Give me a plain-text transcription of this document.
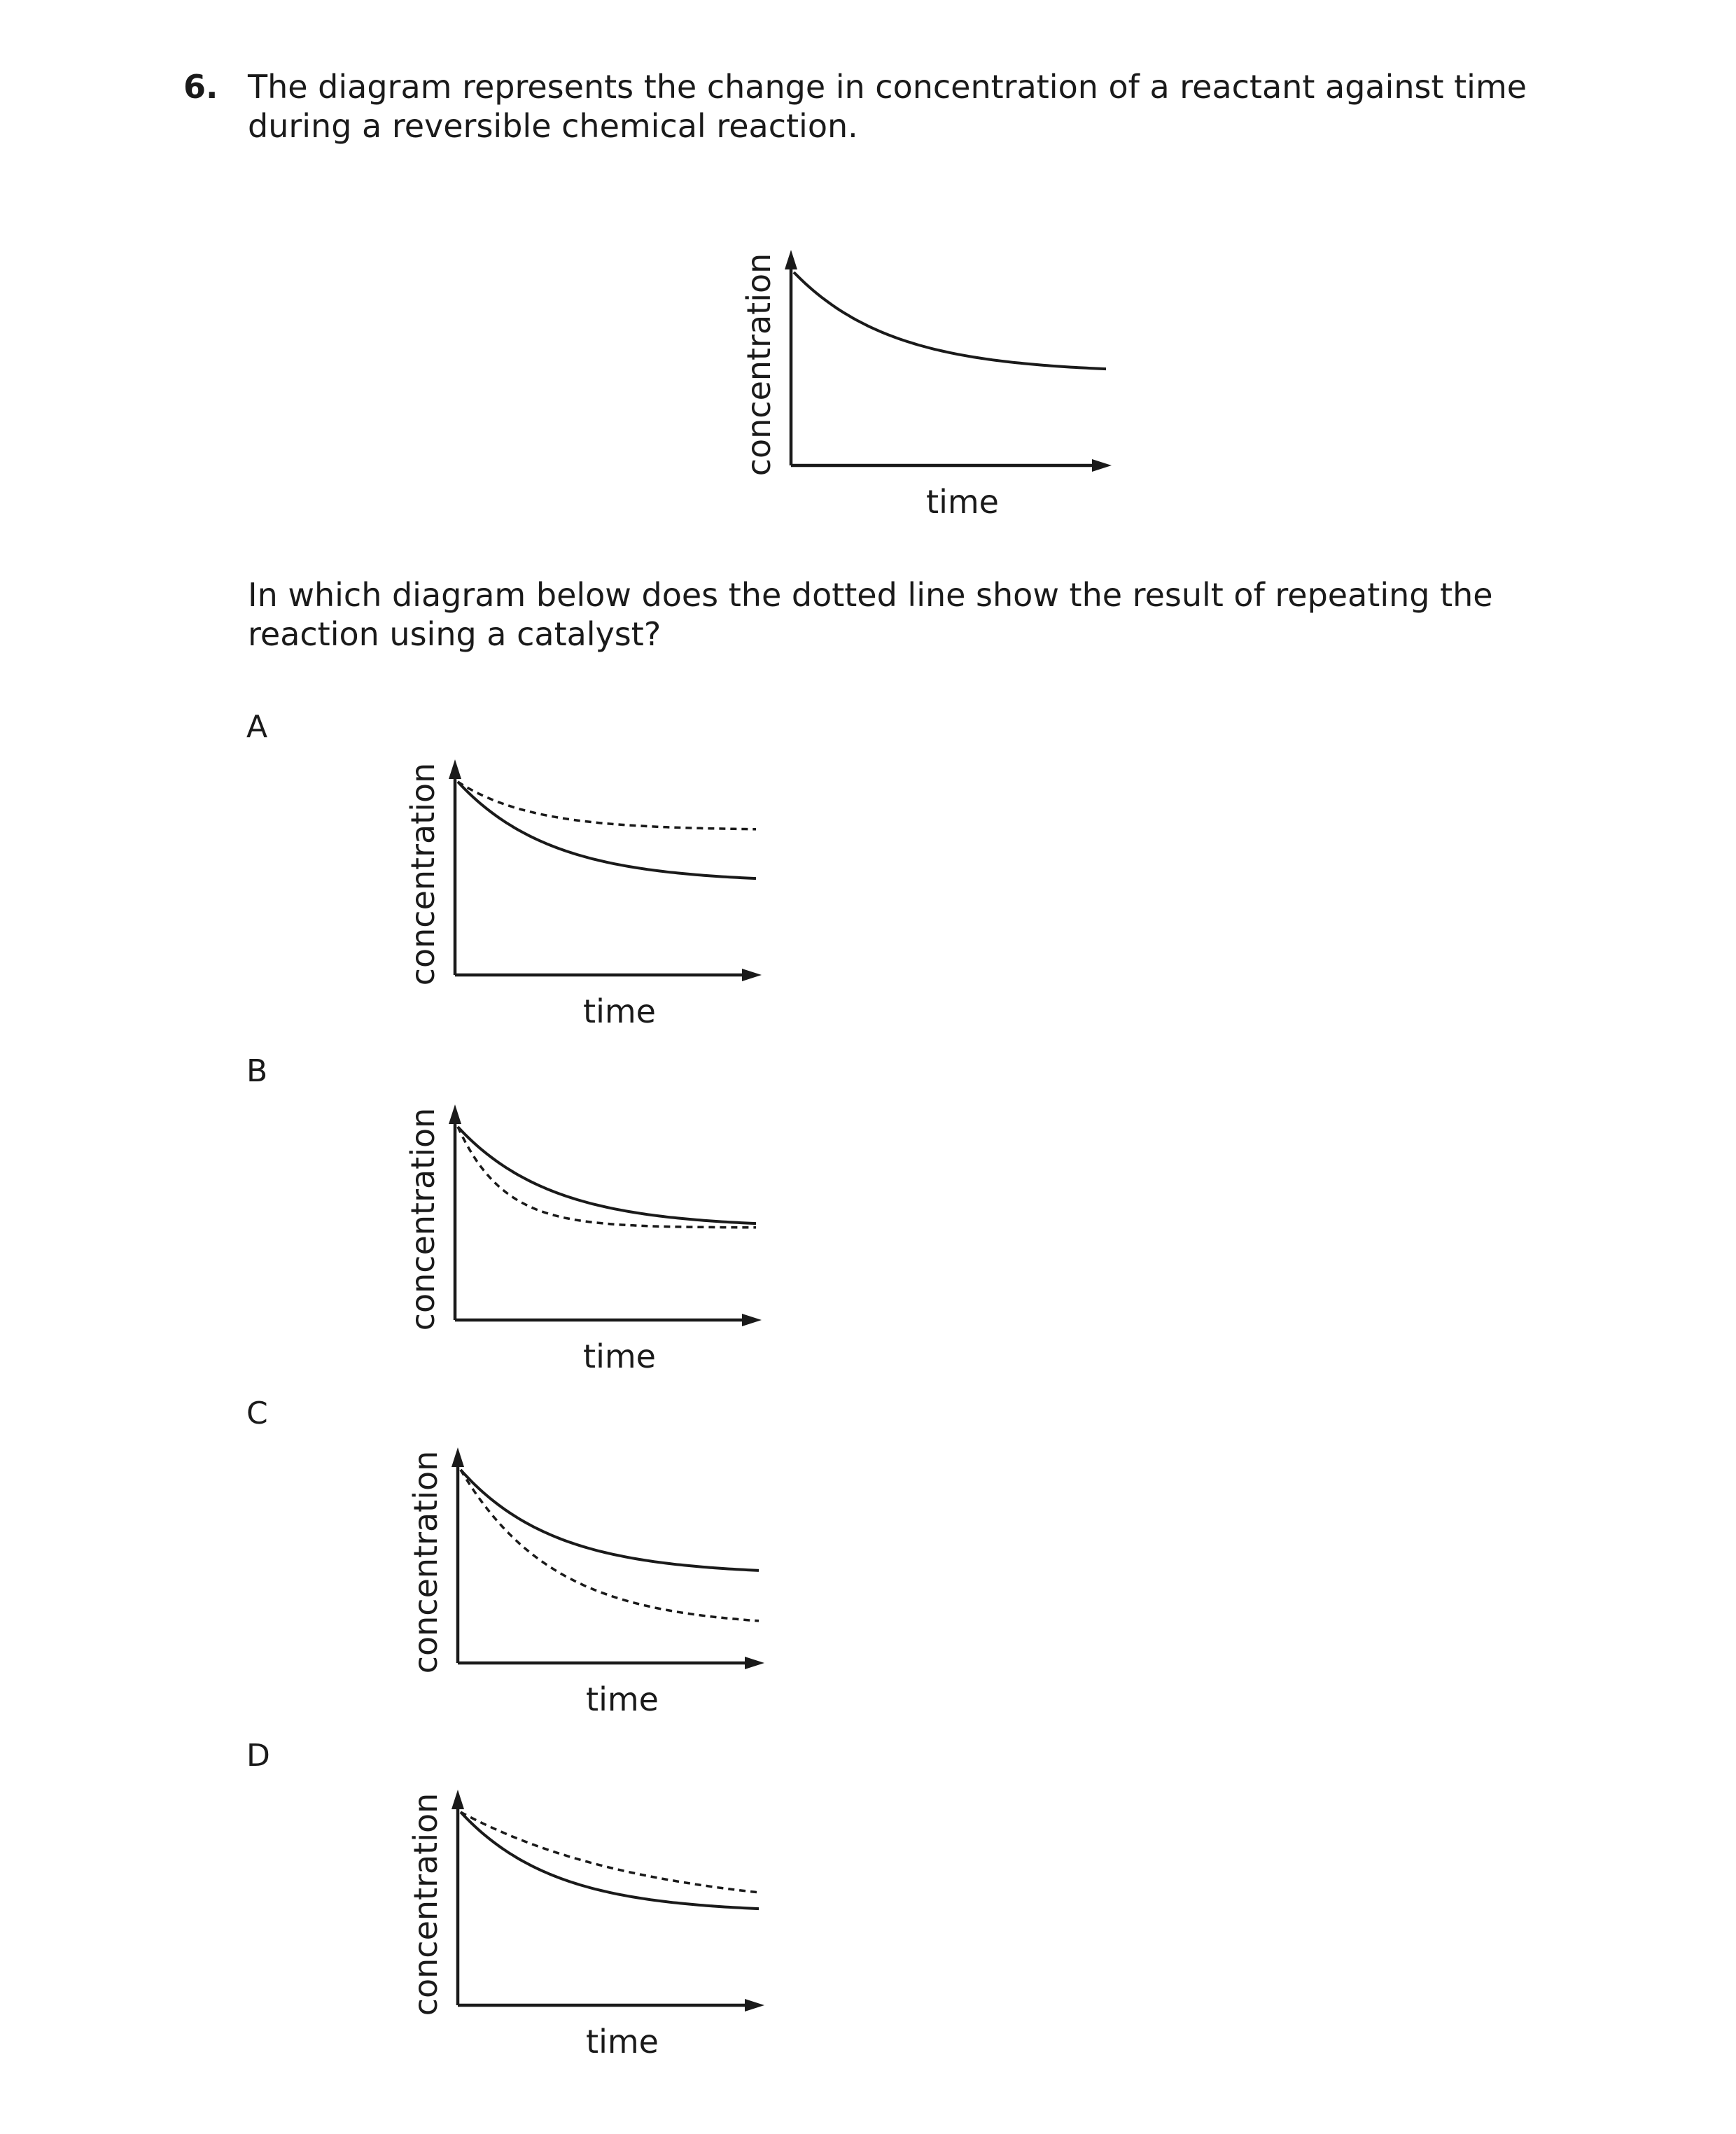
6. The diagram represents the change in concentration of a reactant against time during a reversible chemical reaction.
concentration
time
In which diagram below does the dotted line show the result of repeating the reaction using a catalyst?
A
concentration
time
B
concentration
time
C
concentration
time
D
concentration
time
